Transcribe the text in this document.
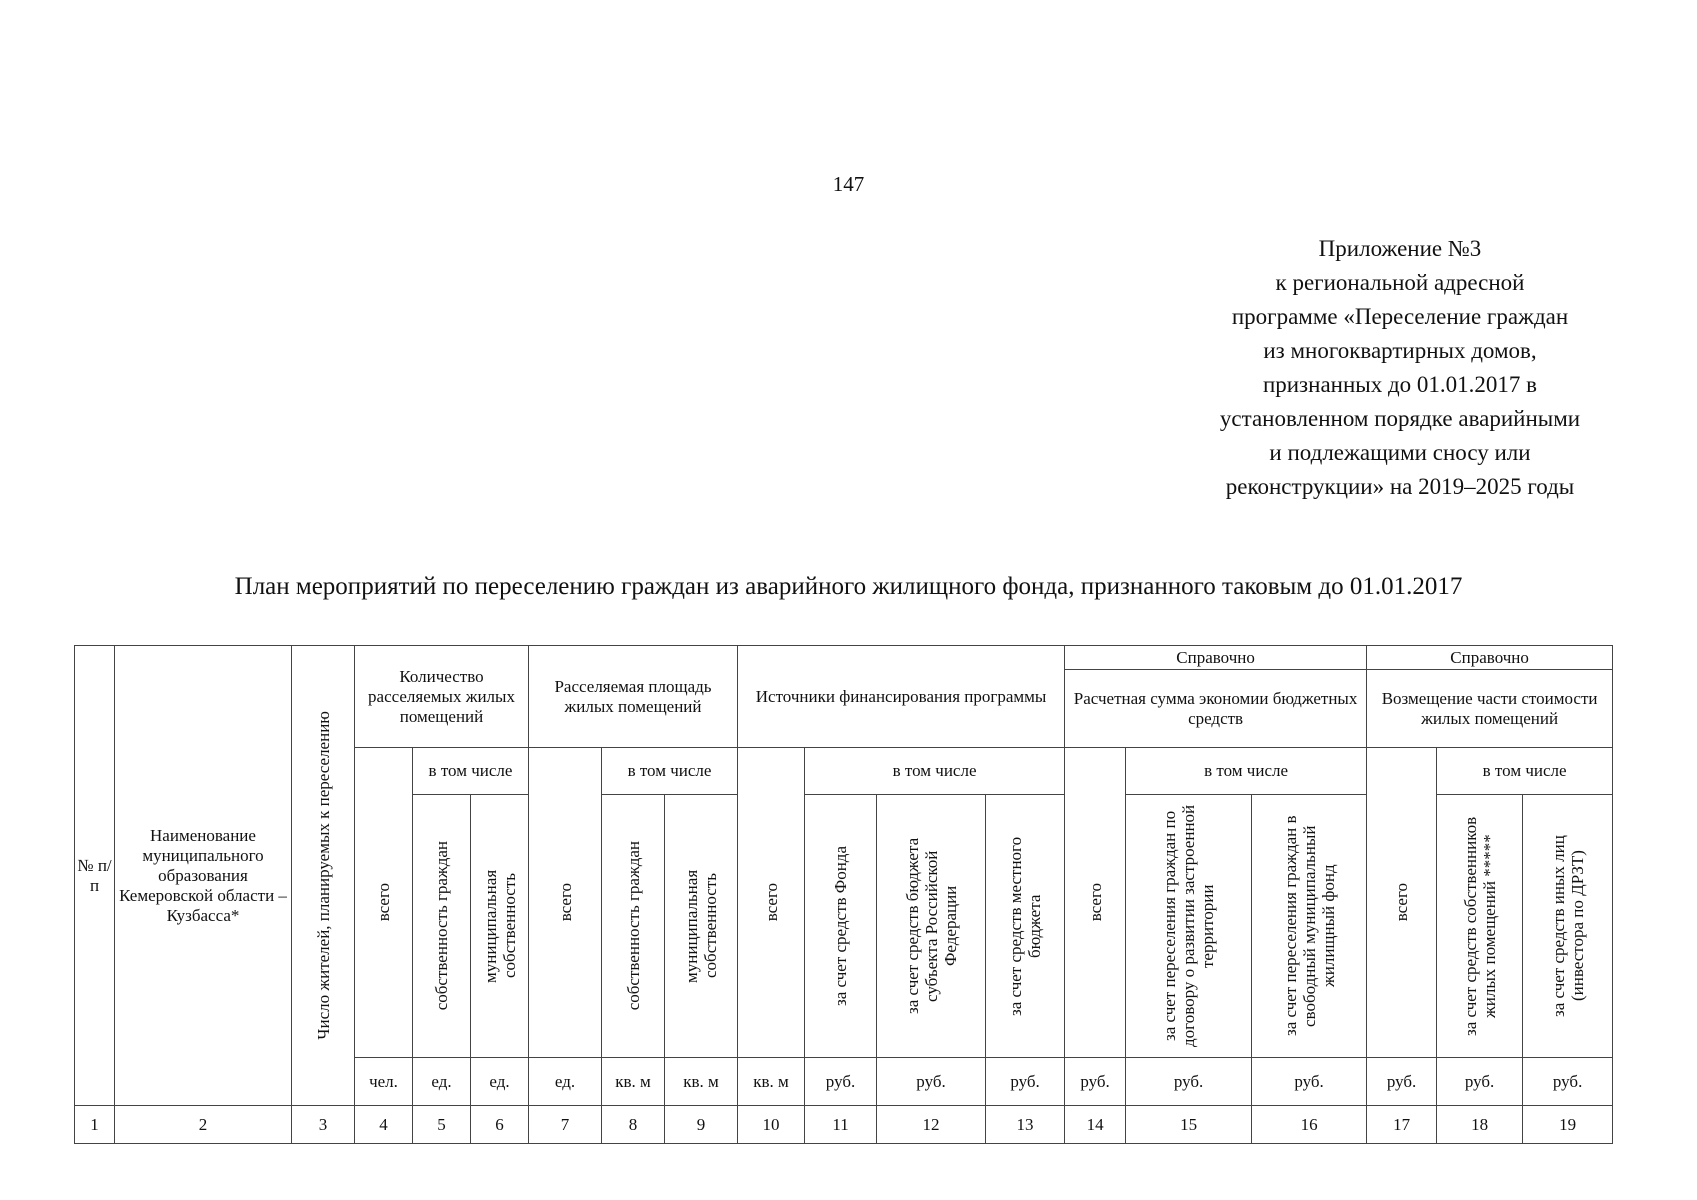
147
Приложение №3
к региональной адресной
программе «Переселение граждан
из многоквартирных домов,
признанных до 01.01.2017 в
установленном порядке аварийными
и подлежащими сносу или
реконструкции» на 2019–2025 годы
План мероприятий по переселению граждан из аварийного жилищного фонда, признанного таковым до 01.01.2017
№ п/п	Наименование муниципального образования Кемеровской области – Кузбасса*	Число жителей, планируемых к переселению	Количество расселяемых жилых помещений			Расселяемая площадь жилых помещений			Источники финансирования программы				Справочно			Справочно			
													Расчетная сумма экономии бюджетных средств			Возмещение части стоимости жилых помещений			

			всего	в том числе		всего	в том числе		всего	в том числе			всего	в том числе		всего	в том числе		

				собственность граждан	муниципальная собственность		собственность граждан	муниципальная собственность		за счет средств Фонда	за счет средств бюджета субъекта Российской Федерации	за счет средств местного бюджета		за счет переселения граждан по договору о развитии застроенной территории	за счет переселения граждан в свободный муниципальный жилищный фонд		за счет средств собственников жилых помещений *****	за счет средств иных лиц (инвестора по ДРЗТ)	

			чел.	ед.	ед.	ед.	кв. м	кв. м	кв. м	руб.	руб.	руб.	руб.	руб.	руб.	руб.	руб.	руб.	
1	2	3	4	5	6	7	8	9	10	11	12	13	14	15	16	17	18	19	
